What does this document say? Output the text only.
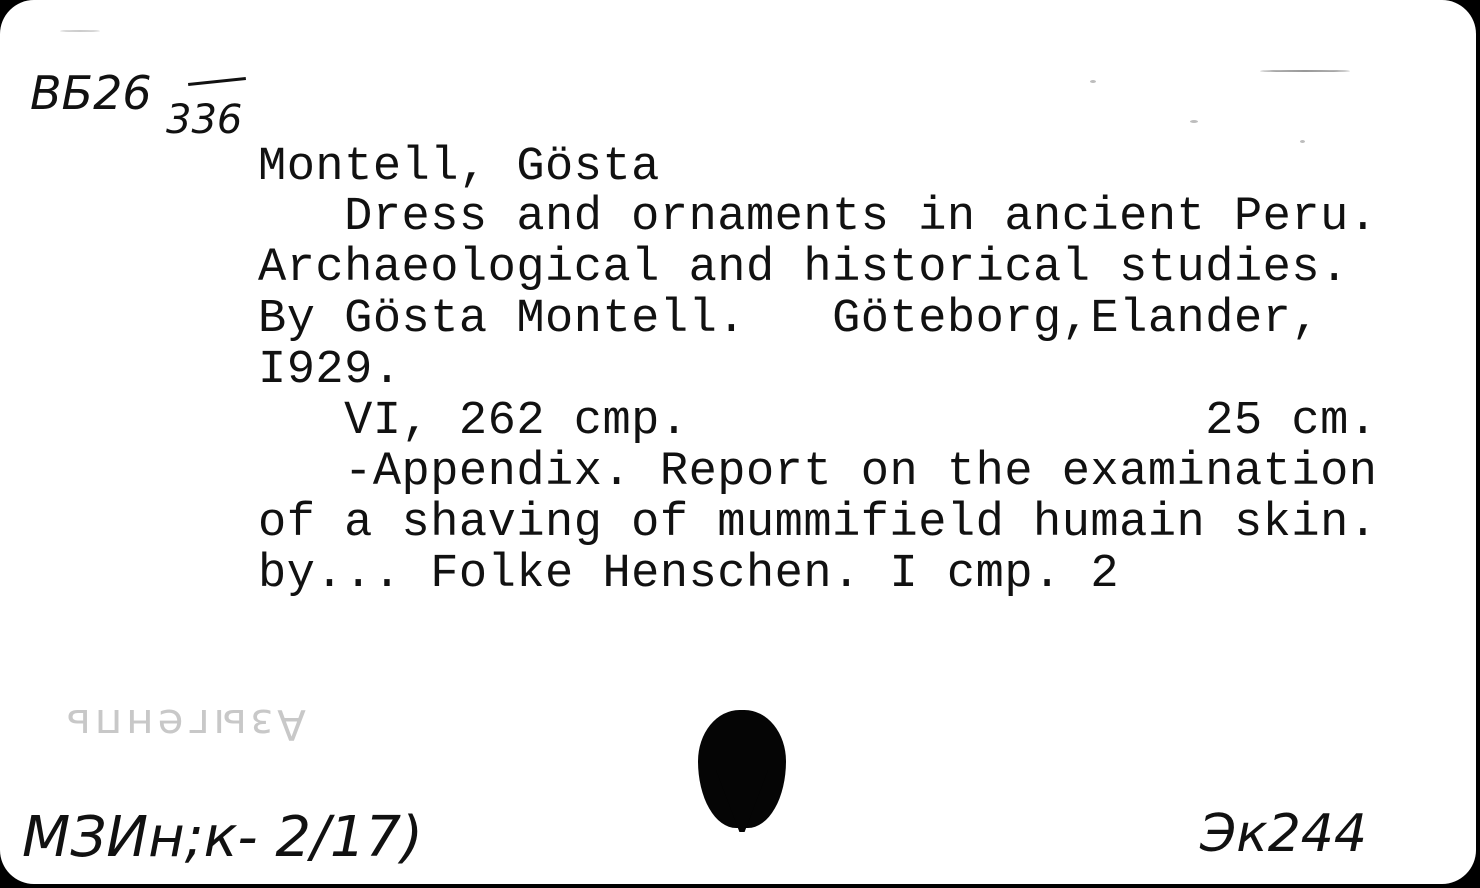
ВБ26 336
Montell, Gösta
Dress and ornaments in ancient Peru.
Archaeological and historical studies.
By Gösta Montell.   Göteborg,Elander,
I929.
VI, 262 cmp.                  25 cm.
-Appendix. Report on the examination
of a shaving of mummifield humain skin.
by... Folke Henschen. I cmp. 2
Азыгенпь
МЗИн;к- 2/17)	Эк244
